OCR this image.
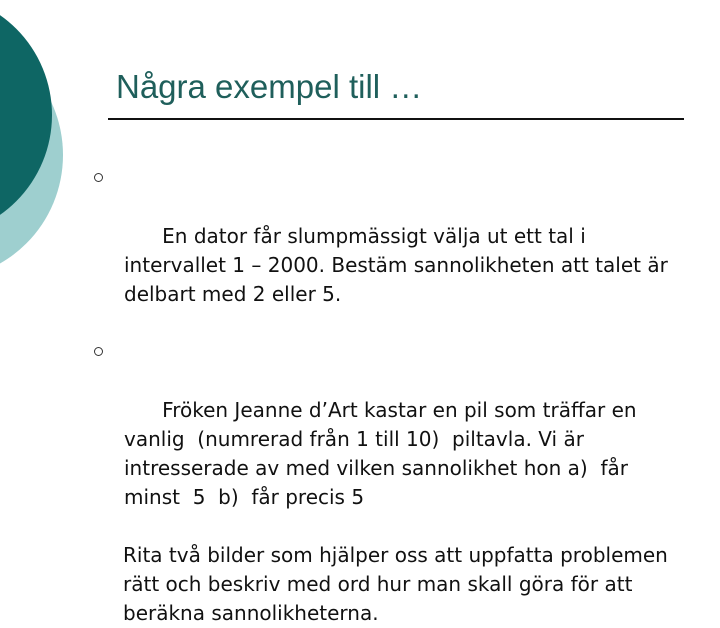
Några exempel till …

En dator får slumpmässigt välja ut ett tal i intervallet 1 – 2000. Bestäm sannolikheten att talet är delbart med 2 eller 5.

Fröken Jeanne d’Art kastar en pil som träffar en vanlig  (numrerad från 1 till 10)  piltavla. Vi är intresserade av med vilken sannolikhet hon a)  får minst  5  b)  får precis 5

Rita två bilder som hjälper oss att uppfatta problemen rätt och beskriv med ord hur man skall göra för att beräkna sannolikheterna.
